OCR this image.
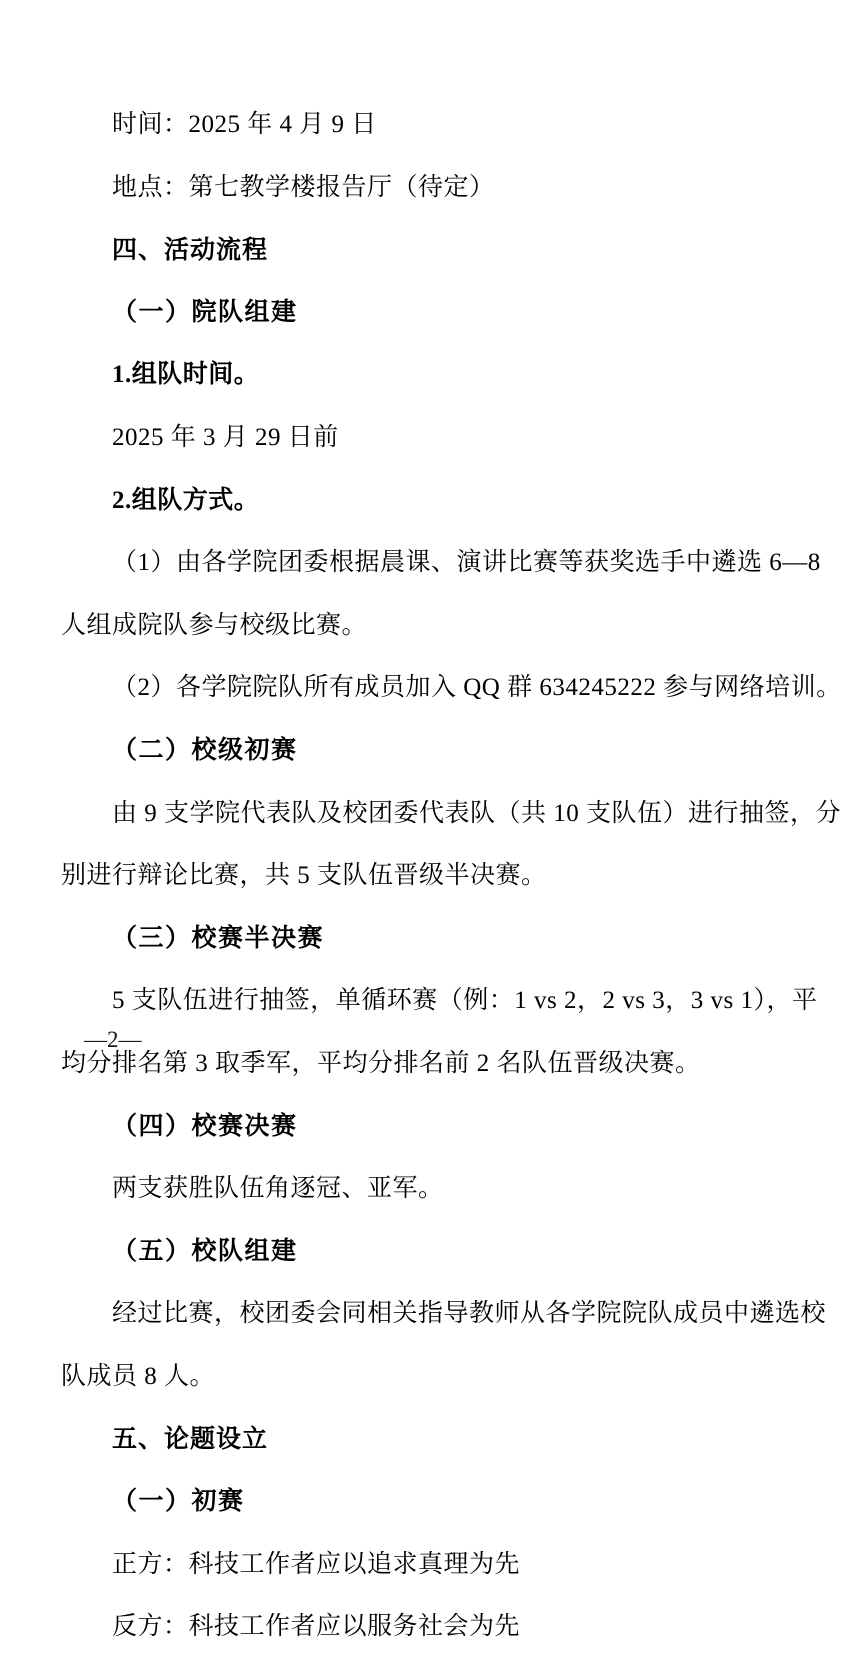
时间：2025 年 4 月 9 日

地点：第七教学楼报告厅（待定）

四、活动流程

（一）院队组建

1.组队时间。

2025 年 3 月 29 日前

2.组队方式。

（1）由各学院团委根据晨课、演讲比赛等获奖选手中遴选 6—8

人组成院队参与校级比赛。

（2）各学院院队所有成员加入 QQ 群 634245222 参与网络培训。

（二）校级初赛

由 9 支学院代表队及校团委代表队（共 10 支队伍）进行抽签，分

别进行辩论比赛，共 5 支队伍晋级半决赛。

（三）校赛半决赛

5 支队伍进行抽签，单循环赛（例：1 vs 2，2 vs 3，3 vs 1），平

均分排名第 3 取季军，平均分排名前 2 名队伍晋级决赛。

（四）校赛决赛

两支获胜队伍角逐冠、亚军。

（五）校队组建

经过比赛，校团委会同相关指导教师从各学院院队成员中遴选校

队成员 8 人。

五、论题设立

（一）初赛

正方：科技工作者应以追求真理为先

反方：科技工作者应以服务社会为先

—2—
